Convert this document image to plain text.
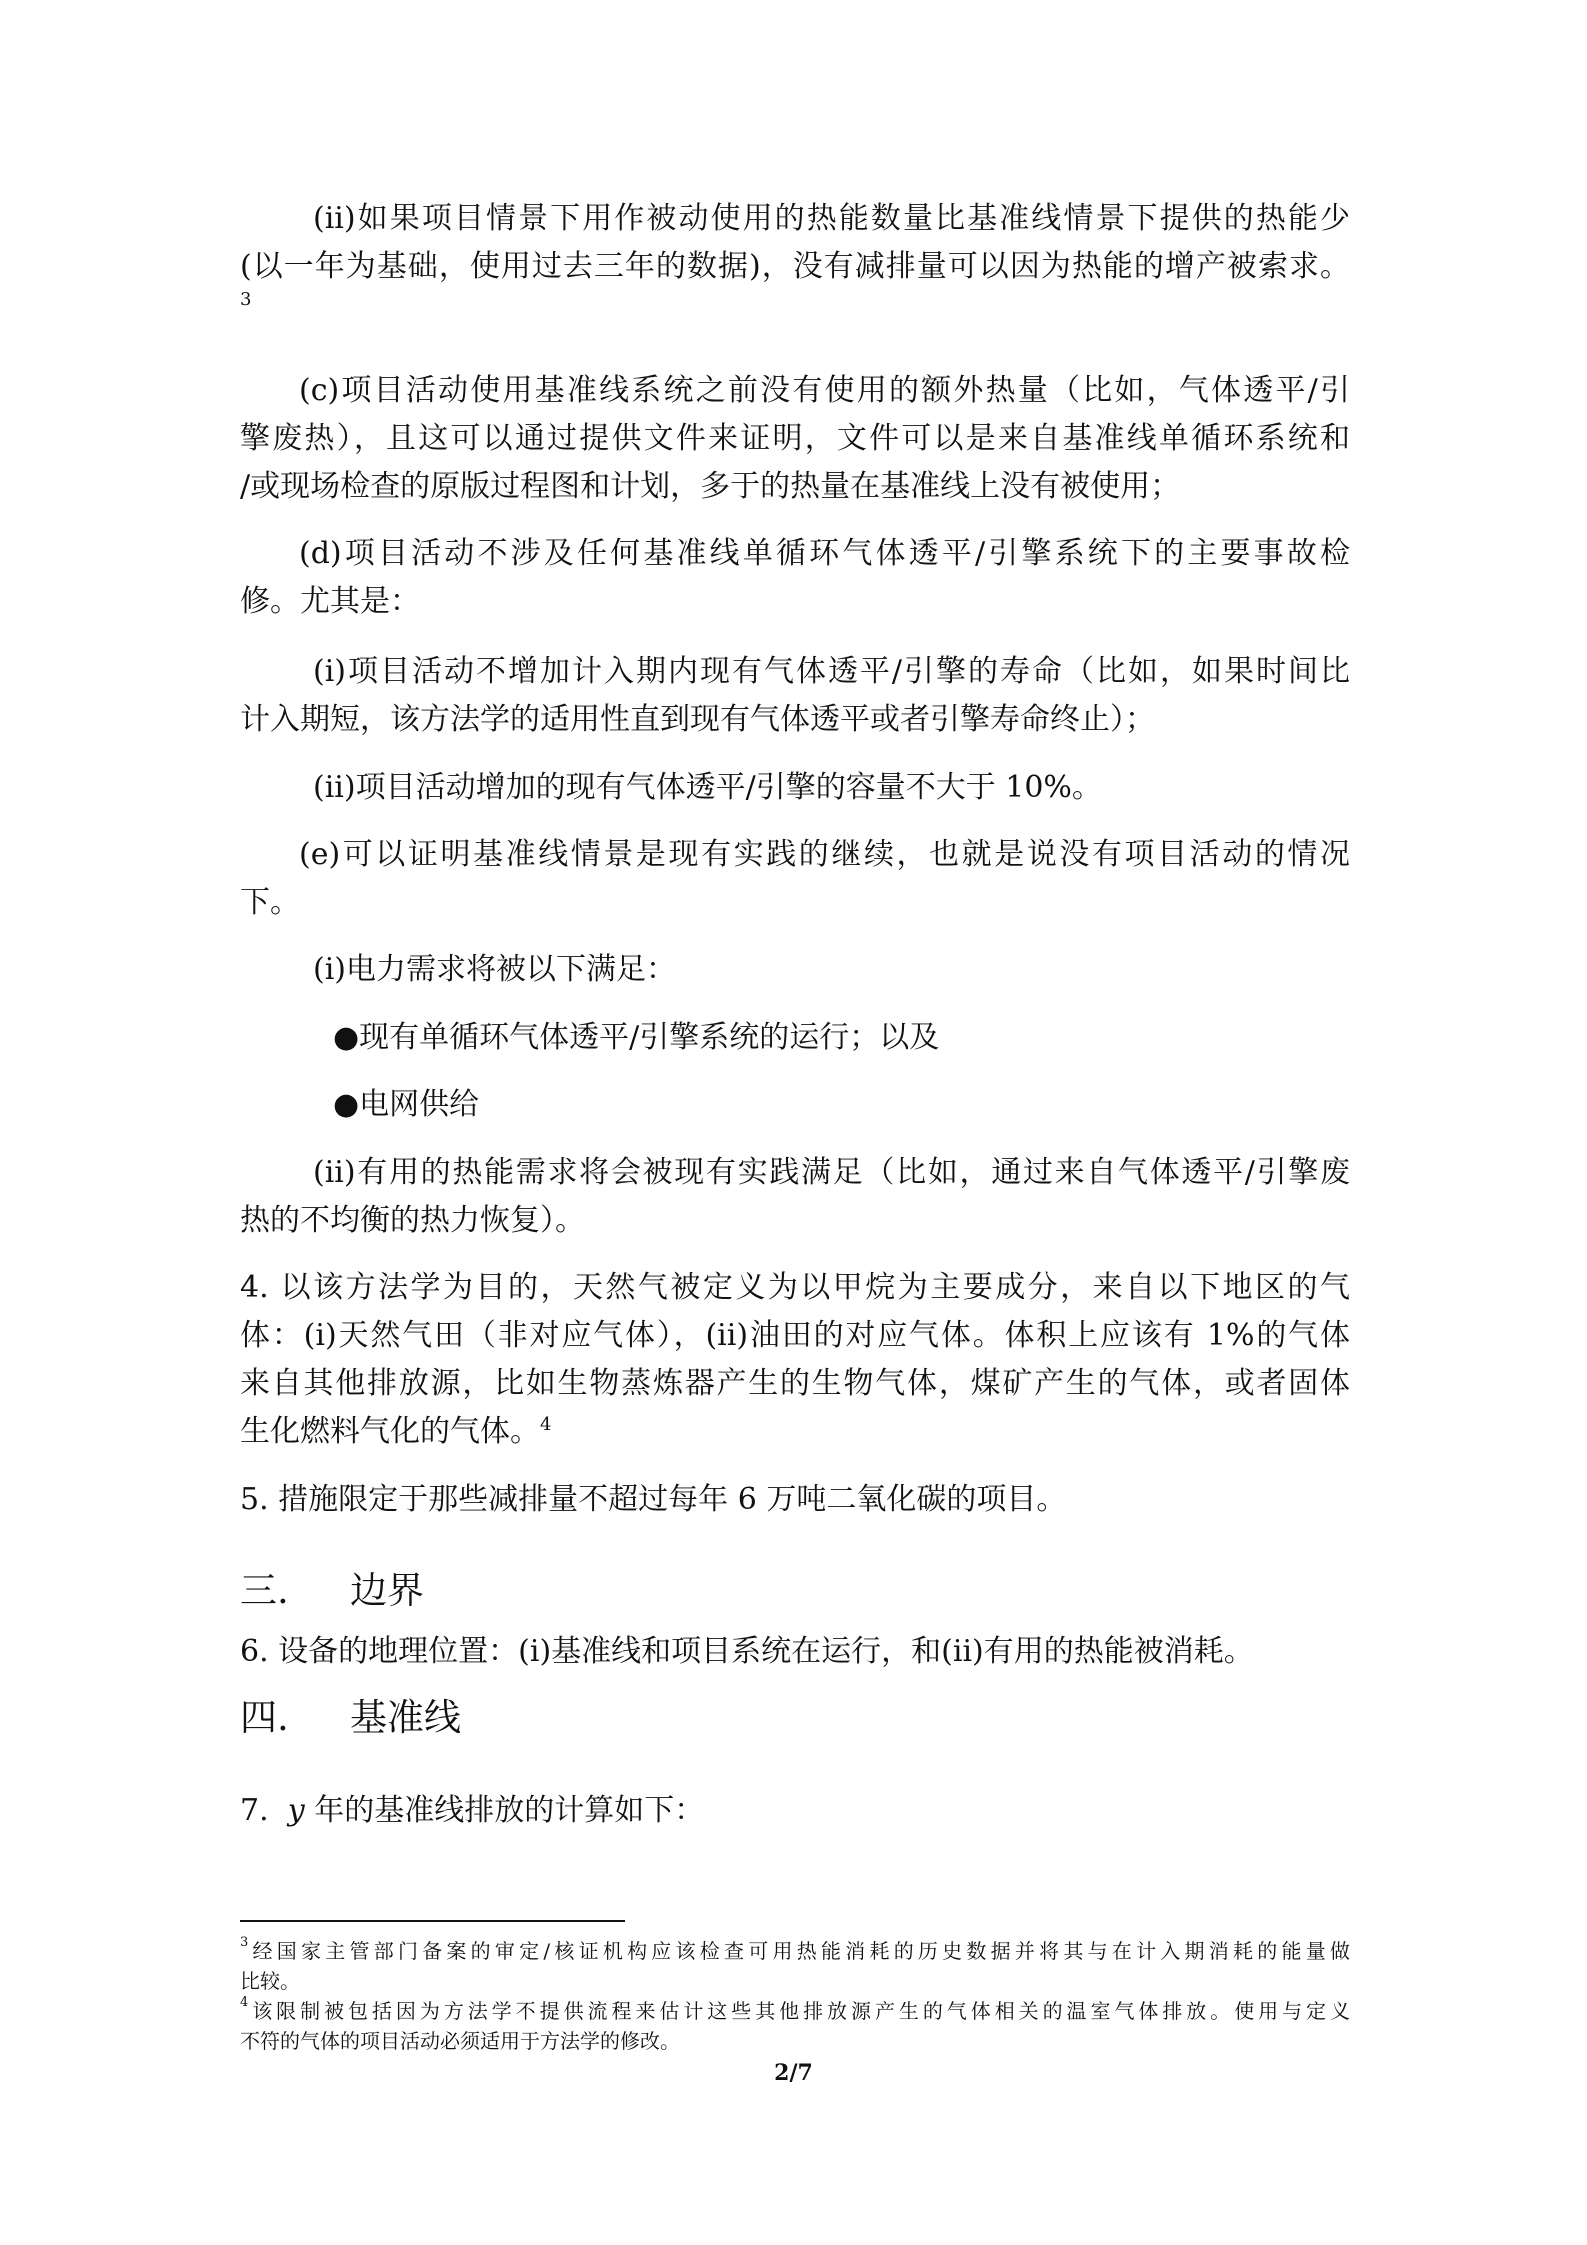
(ii)如果项目情景下用作被动使用的热能数量比基准线情景下提供的热能少
(以一年为基础，使用过去三年的数据)，没有减排量可以因为热能的增产被索求。
3
(c)项目活动使用基准线系统之前没有使用的额外热量（比如，气体透平/引
擎废热），且这可以通过提供文件来证明，文件可以是来自基准线单循环系统和
/或现场检查的原版过程图和计划，多于的热量在基准线上没有被使用；
(d)项目活动不涉及任何基准线单循环气体透平/引擎系统下的主要事故检
修。尤其是：
(i)项目活动不增加计入期内现有气体透平/引擎的寿命（比如，如果时间比
计入期短，该方法学的适用性直到现有气体透平或者引擎寿命终止）；
(ii)项目活动增加的现有气体透平/引擎的容量不大于 10%。
(e)可以证明基准线情景是现有实践的继续，也就是说没有项目活动的情况
下。
(i)电力需求将被以下满足：
●现有单循环气体透平/引擎系统的运行；以及
●电网供给
(ii)有用的热能需求将会被现有实践满足（比如，通过来自气体透平/引擎废
热的不均衡的热力恢复）。
4. 以该方法学为目的，天然气被定义为以甲烷为主要成分，来自以下地区的气
体：(i)天然气田（非对应气体），(ii)油田的对应气体。体积上应该有 1%的气体
来自其他排放源，比如生物蒸炼器产生的生物气体，煤矿产生的气体，或者固体
生化燃料气化的气体。$^4$
5. 措施限定于那些减排量不超过每年 6 万吨二氧化碳的项目。
三. 边界
6. 设备的地理位置：(i)基准线和项目系统在运行，和(ii)有用的热能被消耗。
四. 基准线
7. y 年的基准线排放的计算如下：
$^3$经国家主管部门备案的审定/核证机构应该检查可用热能消耗的历史数据并将其与在计入期消耗的能量做
比较。
$^4$该限制被包括因为方法学不提供流程来估计这些其他排放源产生的气体相关的温室气体排放。使用与定义
不符的气体的项目活动必须适用于方法学的修改。
2/7
